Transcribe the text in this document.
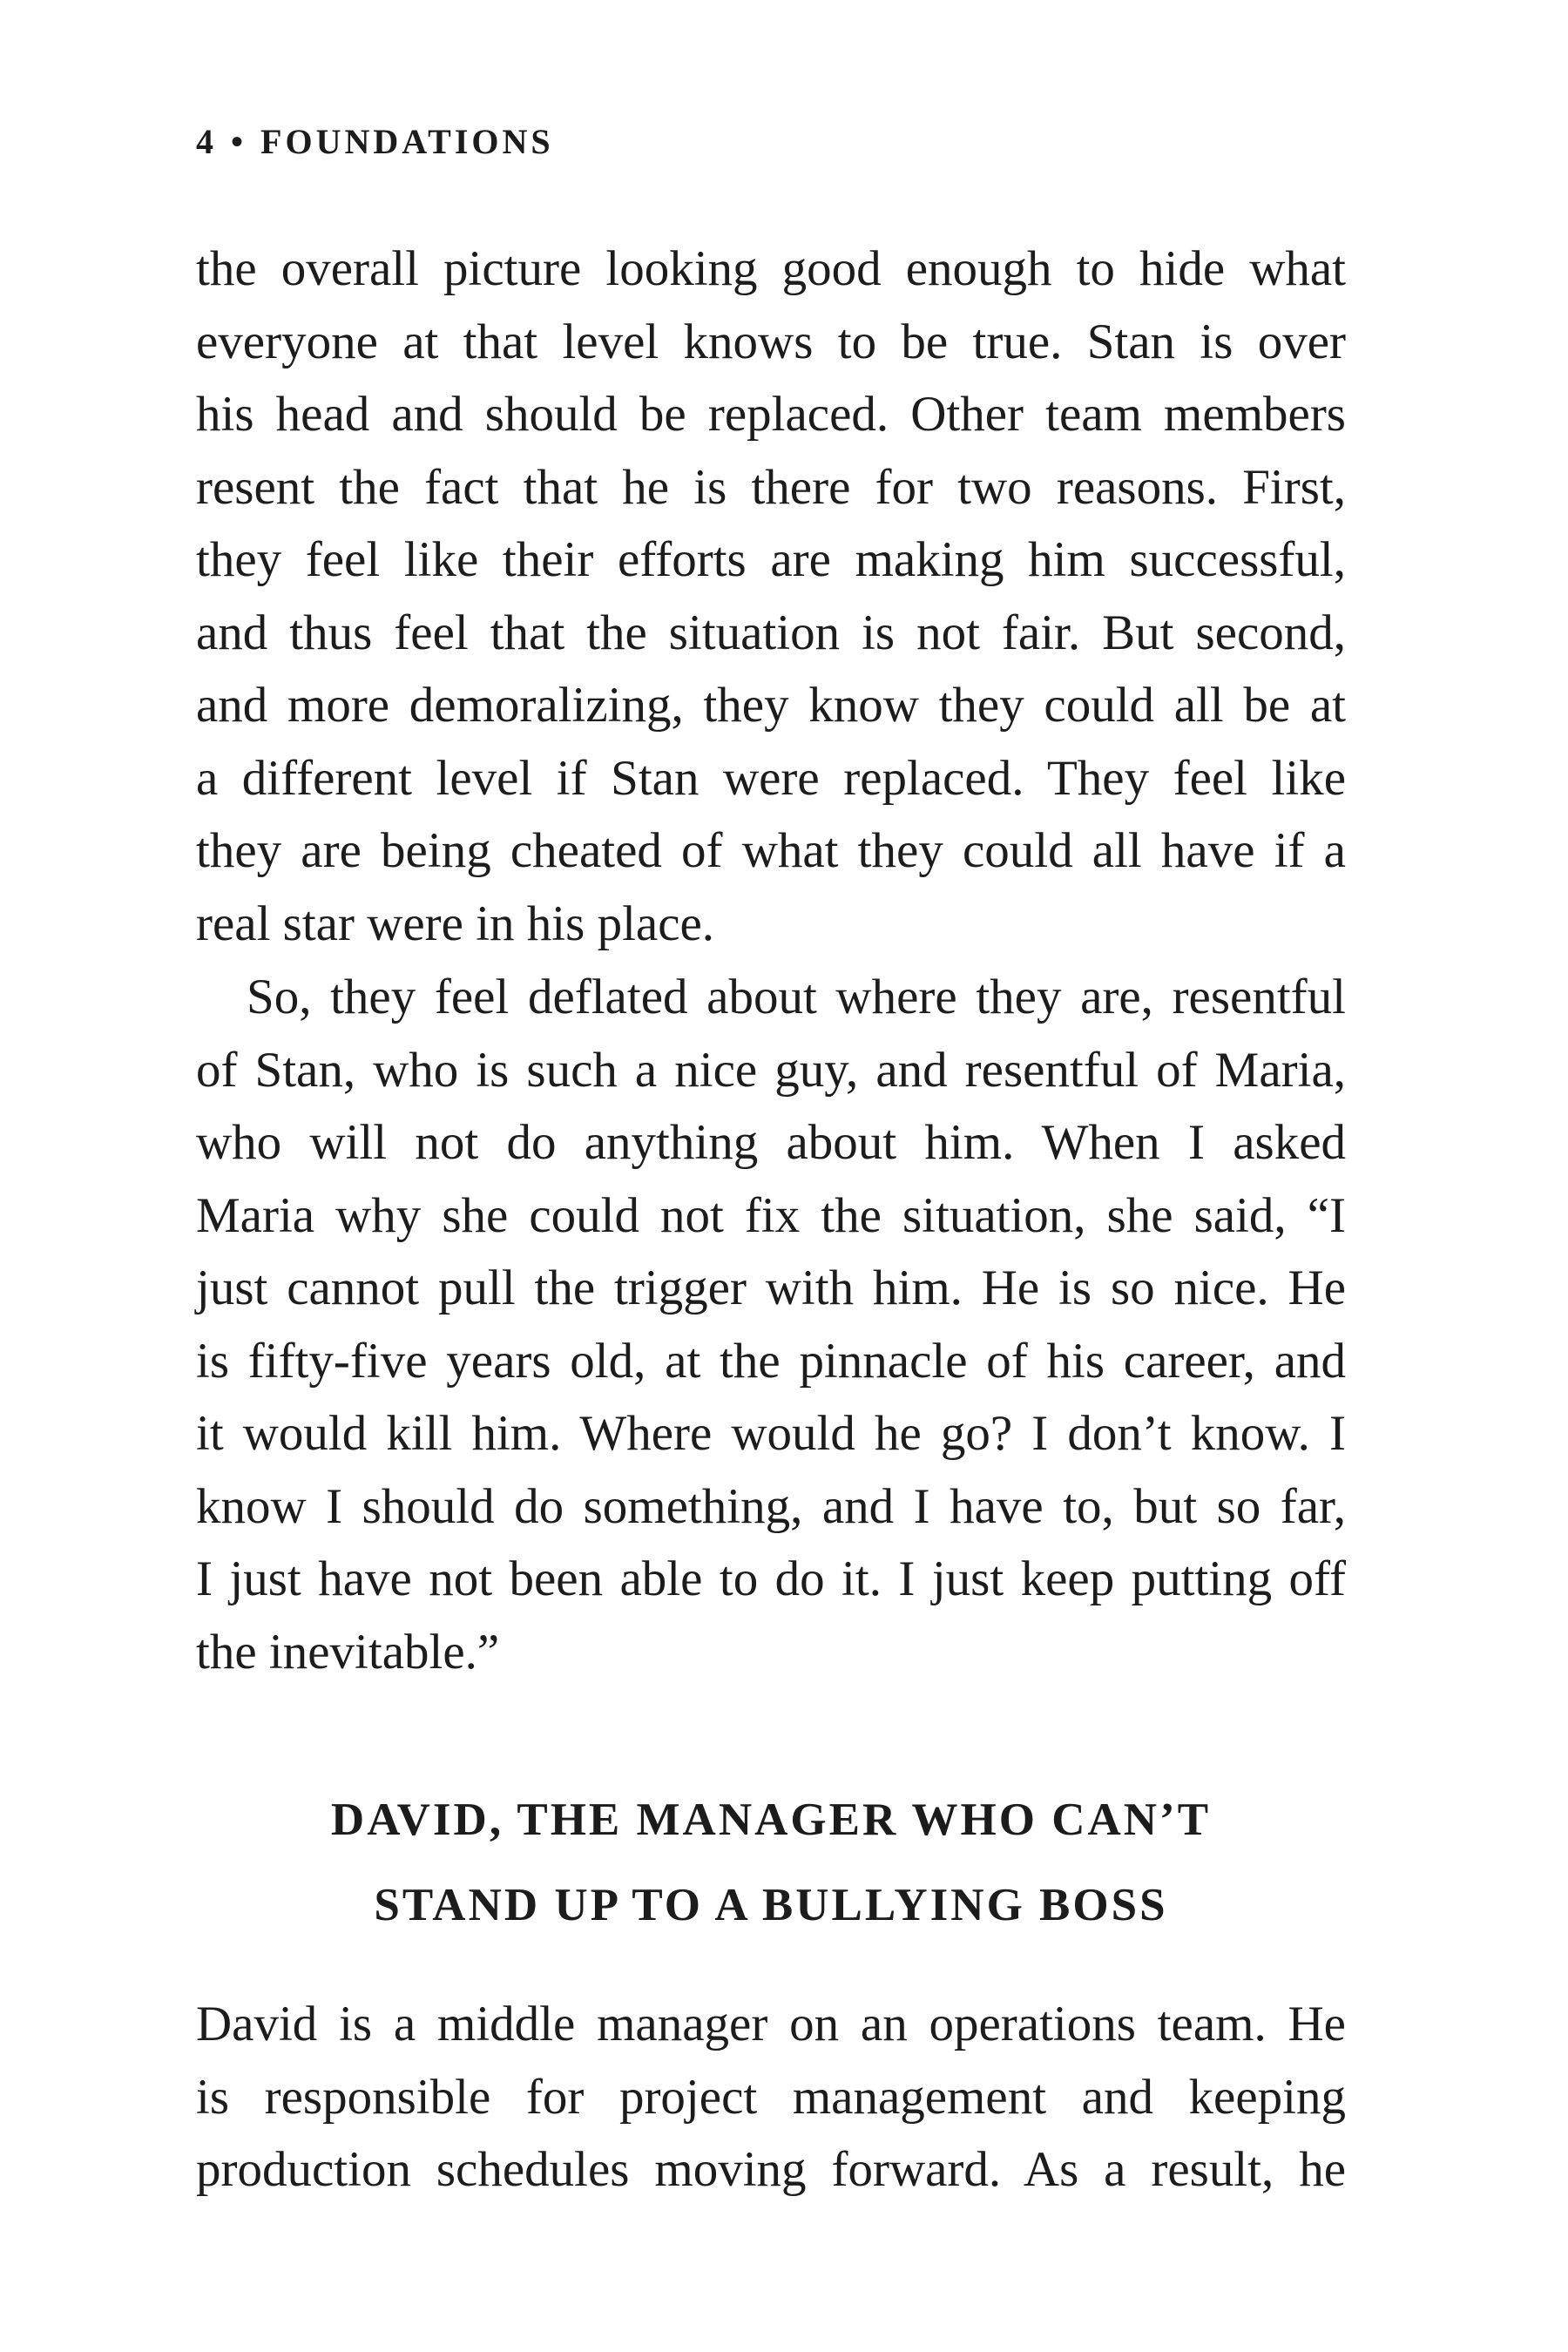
4 • FOUNDATIONS
the overall picture looking good enough to hide what
everyone at that level knows to be true. Stan is over
his head and should be replaced. Other team members
resent the fact that he is there for two reasons. First,
they feel like their efforts are making him successful,
and thus feel that the situation is not fair. But second,
and more demoralizing, they know they could all be at
a different level if Stan were replaced. They feel like
they are being cheated of what they could all have if a
real star were in his place.
So, they feel deflated about where they are, resentful
of Stan, who is such a nice guy, and resentful of Maria,
who will not do anything about him. When I asked
Maria why she could not fix the situation, she said, “I
just cannot pull the trigger with him. He is so nice. He
is fifty-five years old, at the pinnacle of his career, and
it would kill him. Where would he go? I don’t know. I
know I should do something, and I have to, but so far,
I just have not been able to do it. I just keep putting off
the inevitable.”
DAVID, THE MANAGER WHO CAN’T
STAND UP TO A BULLYING BOSS
David is a middle manager on an operations team. He
is responsible for project management and keeping
production schedules moving forward. As a result, he
